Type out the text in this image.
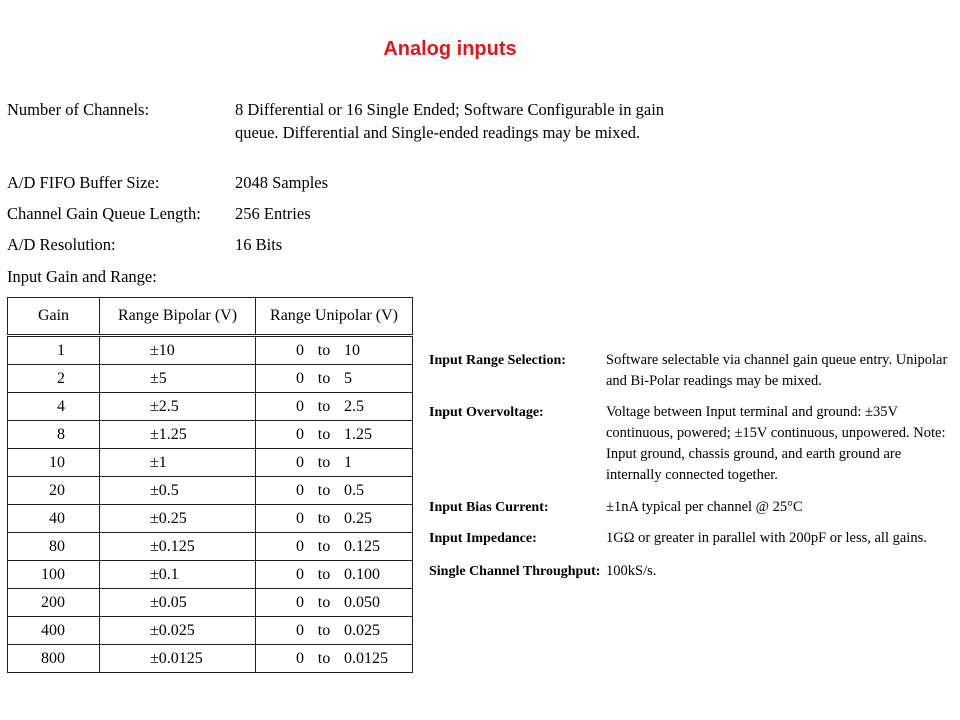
Analog inputs
Number of Channels:	8 Differential or 16 Single Ended; Software Configurable in gain queue. Differential and Single-ended readings may be mixed.
A/D FIFO Buffer Size:	2048 Samples
Channel Gain Queue Length: 256 Entries
A/D Resolution:	16 Bits
Input Gain and Range:
Gain	Range Bipolar (V)	Range Unipolar (V)
1	±10	0 to 10
2	±5	0 to 5
4	±2.5	0 to 2.5
8	±1.25	0 to 1.25
10	±1	0 to 1
20	±0.5	0 to 0.5
40	±0.25	0 to 0.25
80	±0.125	0 to 0.125
100	±0.1	0 to 0.100
200	±0.05	0 to 0.050
400	±0.025	0 to 0.025
800	±0.0125	0 to 0.0125
Input Range Selection:	Software selectable via channel gain queue entry. Unipolar and Bi-Polar readings may be mixed.
Input Overvoltage:	Voltage between Input terminal and ground: ±35V continuous, powered; ±15V continuous, unpowered. Note: Input ground, chassis ground, and earth ground are internally connected together.
Input Bias Current:	±1nA typical per channel @ 25°C
Input Impedance:	1GΩ or greater in parallel with 200pF or less, all gains.
Single Channel Throughput: 100kS/s.
